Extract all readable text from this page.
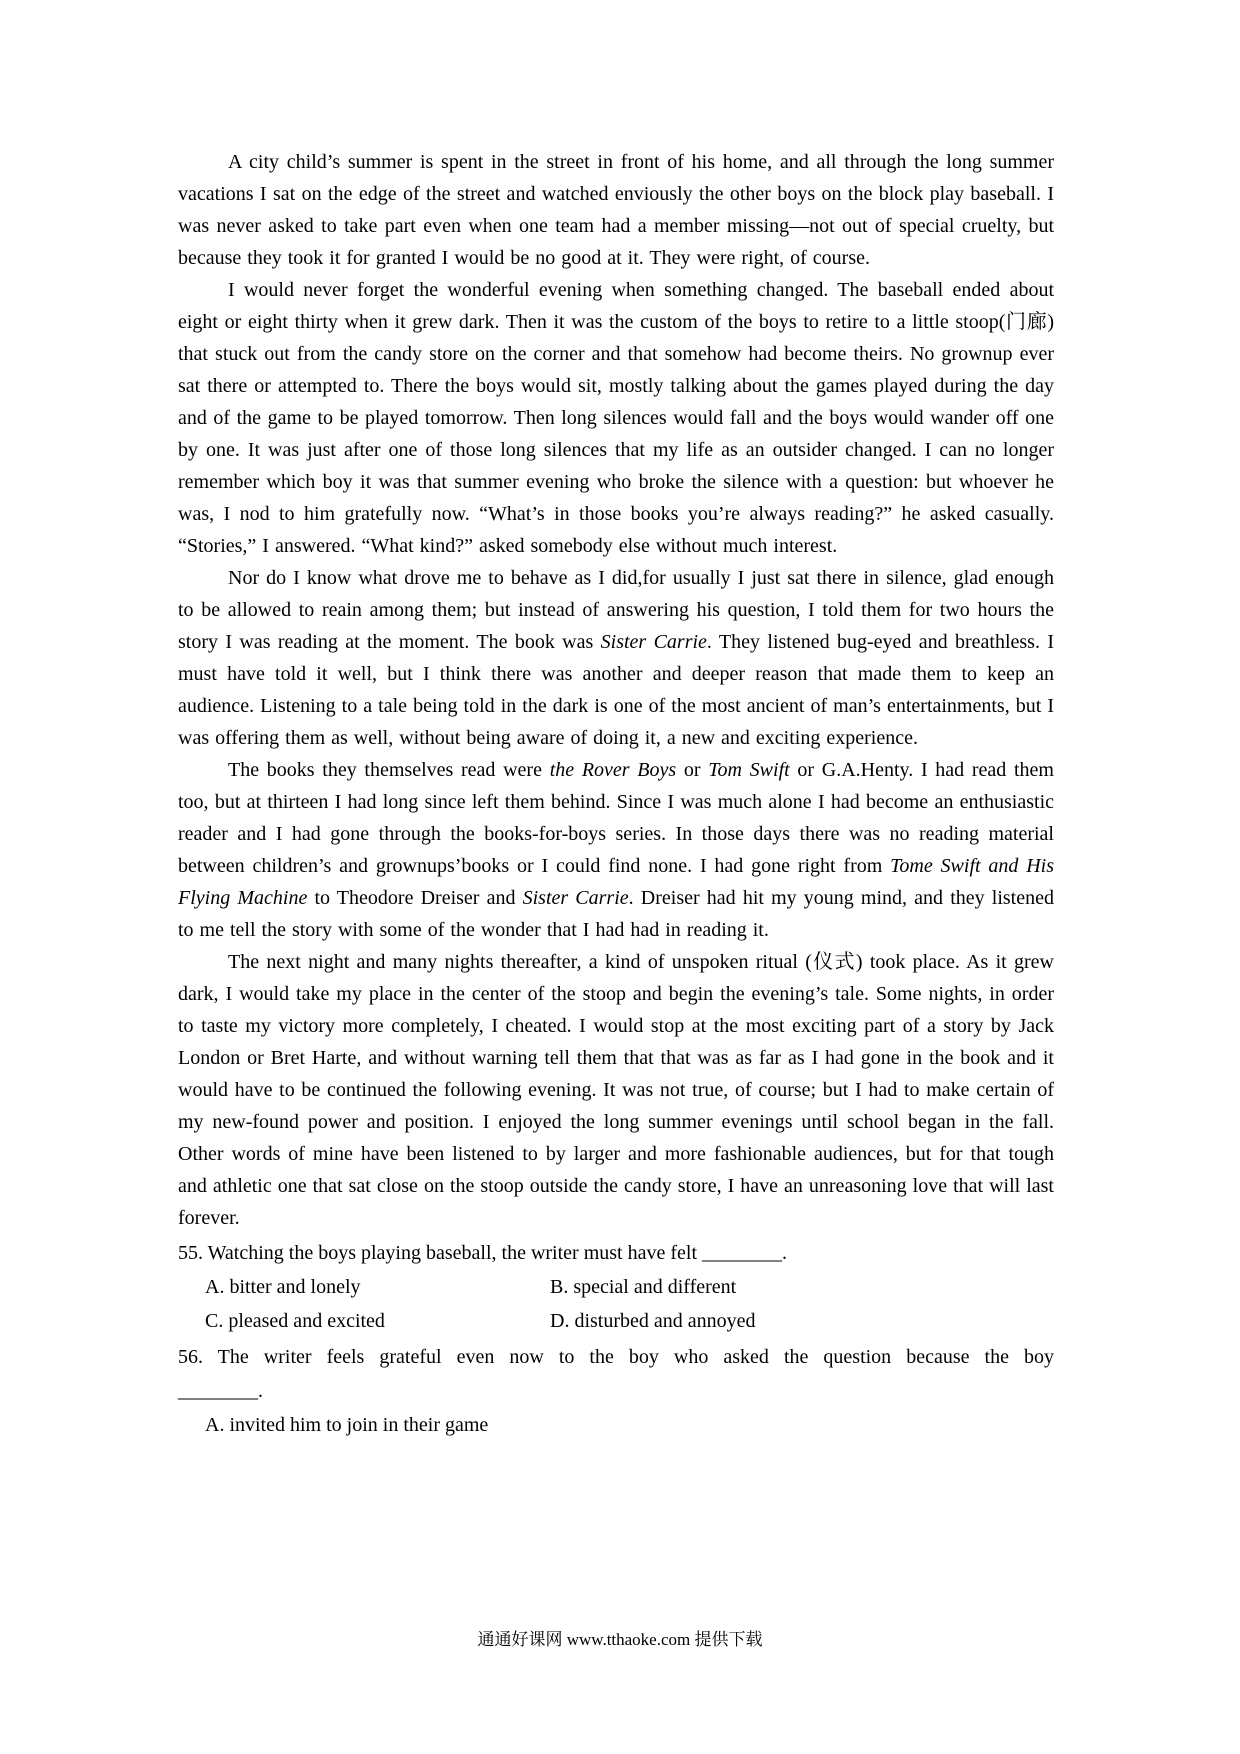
A city child’s summer is spent in the street in front of his home, and all through the long summer vacations I sat on the edge of the street and watched enviously the other boys on the block play baseball. I was never asked to take part even when one team had a member missing—not out of special cruelty, but because they took it for granted I would be no good at it. They were right, of course.

I would never forget the wonderful evening when something changed. The baseball ended about eight or eight thirty when it grew dark. Then it was the custom of the boys to retire to a little stoop(门廊) that stuck out from the candy store on the corner and that somehow had become theirs. No grownup ever sat there or attempted to. There the boys would sit, mostly talking about the games played during the day and of the game to be played tomorrow. Then long silences would fall and the boys would wander off one by one. It was just after one of those long silences that my life as an outsider changed. I can no longer remember which boy it was that summer evening who broke the silence with a question: but whoever he was, I nod to him gratefully now. “What’s in those books you’re always reading?” he asked casually. “Stories,” I answered. “What kind?” asked somebody else without much interest.

Nor do I know what drove me to behave as I did,for usually I just sat there in silence, glad enough to be allowed to reain among them; but instead of answering his question, I told them for two hours the story I was reading at the moment. The book was Sister Carrie. They listened bug-eyed and breathless. I must have told it well, but I think there was another and deeper reason that made them to keep an audience. Listening to a tale being told in the dark is one of the most ancient of man’s entertainments, but I was offering them as well, without being aware of doing it, a new and exciting experience.

The books they themselves read were the Rover Boys or Tom Swift or G.A.Henty. I had read them too, but at thirteen I had long since left them behind. Since I was much alone I had become an enthusiastic reader and I had gone through the books-for-boys series. In those days there was no reading material between children’s and grownups’books or I could find none. I had gone right from Tome Swift and His Flying Machine to Theodore Dreiser and Sister Carrie. Dreiser had hit my young mind, and they listened to me tell the story with some of the wonder that I had had in reading it.

The next night and many nights thereafter, a kind of unspoken ritual (仪式) took place. As it grew dark, I would take my place in the center of the stoop and begin the evening’s tale. Some nights, in order to taste my victory more completely, I cheated. I would stop at the most exciting part of a story by Jack London or Bret Harte, and without warning tell them that that was as far as I had gone in the book and it would have to be continued the following evening. It was not true, of course; but I had to make certain of my new-found power and position. I enjoyed the long summer evenings until school began in the fall. Other words of mine have been listened to by larger and more fashionable audiences, but for that tough and athletic one that sat close on the stoop outside the candy store, I have an unreasoning love that will last forever.

55. Watching the boys playing baseball, the writer must have felt ________.
A. bitter and lonely	B. special and different
C. pleased and excited	D. disturbed and annoyed
56. The writer feels grateful even now to the boy who asked the question because the boy
________.
A. invited him to join in their game
通通好课网 www.tthaoke.com 提供下载
